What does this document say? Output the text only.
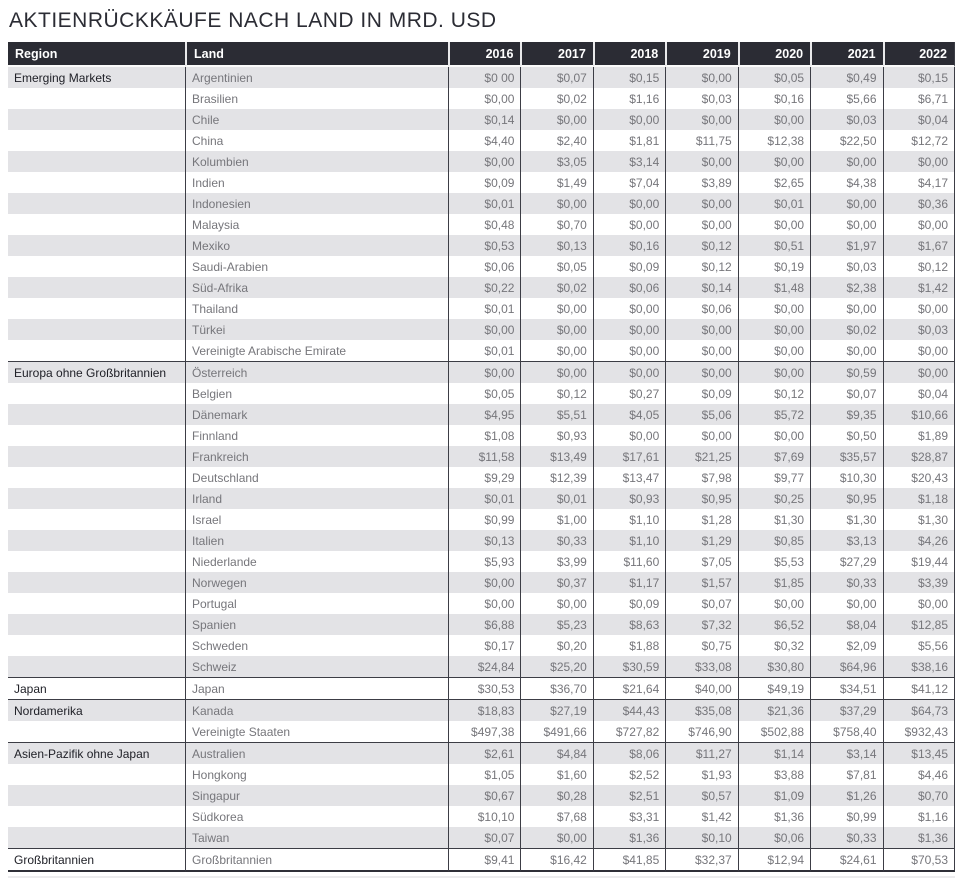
AKTIENRÜCKKÄUFE NACH LAND IN MRD. USD
Region	Land	2016	2017	2018	2019	2020	2021	2022
Emerging Markets	Argentinien	$0 00	$0,07	$0,15	$0,00	$0,05	$0,49	$0,15
	Brasilien	$0,00	$0,02	$1,16	$0,03	$0,16	$5,66	$6,71
	Chile	$0,14	$0,00	$0,00	$0,00	$0,00	$0,03	$0,04
	China	$4,40	$2,40	$1,81	$11,75	$12,38	$22,50	$12,72
	Kolumbien	$0,00	$3,05	$3,14	$0,00	$0,00	$0,00	$0,00
	Indien	$0,09	$1,49	$7,04	$3,89	$2,65	$4,38	$4,17
	Indonesien	$0,01	$0,00	$0,00	$0,00	$0,01	$0,00	$0,36
	Malaysia	$0,48	$0,70	$0,00	$0,00	$0,00	$0,00	$0,00
	Mexiko	$0,53	$0,13	$0,16	$0,12	$0,51	$1,97	$1,67
	Saudi-Arabien	$0,06	$0,05	$0,09	$0,12	$0,19	$0,03	$0,12
	Süd-Afrika	$0,22	$0,02	$0,06	$0,14	$1,48	$2,38	$1,42
	Thailand	$0,01	$0,00	$0,00	$0,06	$0,00	$0,00	$0,00
	Türkei	$0,00	$0,00	$0,00	$0,00	$0,00	$0,02	$0,03
	Vereinigte Arabische Emirate	$0,01	$0,00	$0,00	$0,00	$0,00	$0,00	$0,00
Europa ohne Großbritannien	Österreich	$0,00	$0,00	$0,00	$0,00	$0,00	$0,59	$0,00
	Belgien	$0,05	$0,12	$0,27	$0,09	$0,12	$0,07	$0,04
	Dänemark	$4,95	$5,51	$4,05	$5,06	$5,72	$9,35	$10,66
	Finnland	$1,08	$0,93	$0,00	$0,00	$0,00	$0,50	$1,89
	Frankreich	$11,58	$13,49	$17,61	$21,25	$7,69	$35,57	$28,87
	Deutschland	$9,29	$12,39	$13,47	$7,98	$9,77	$10,30	$20,43
	Irland	$0,01	$0,01	$0,93	$0,95	$0,25	$0,95	$1,18
	Israel	$0,99	$1,00	$1,10	$1,28	$1,30	$1,30	$1,30
	Italien	$0,13	$0,33	$1,10	$1,29	$0,85	$3,13	$4,26
	Niederlande	$5,93	$3,99	$11,60	$7,05	$5,53	$27,29	$19,44
	Norwegen	$0,00	$0,37	$1,17	$1,57	$1,85	$0,33	$3,39
	Portugal	$0,00	$0,00	$0,09	$0,07	$0,00	$0,00	$0,00
	Spanien	$6,88	$5,23	$8,63	$7,32	$6,52	$8,04	$12,85
	Schweden	$0,17	$0,20	$1,88	$0,75	$0,32	$2,09	$5,56
	Schweiz	$24,84	$25,20	$30,59	$33,08	$30,80	$64,96	$38,16
Japan	Japan	$30,53	$36,70	$21,64	$40,00	$49,19	$34,51	$41,12
Nordamerika	Kanada	$18,83	$27,19	$44,43	$35,08	$21,36	$37,29	$64,73
	Vereinigte Staaten	$497,38	$491,66	$727,82	$746,90	$502,88	$758,40	$932,43
Asien-Pazifik ohne Japan	Australien	$2,61	$4,84	$8,06	$11,27	$1,14	$3,14	$13,45
	Hongkong	$1,05	$1,60	$2,52	$1,93	$3,88	$7,81	$4,46
	Singapur	$0,67	$0,28	$2,51	$0,57	$1,09	$1,26	$0,70
	Südkorea	$10,10	$7,68	$3,31	$1,42	$1,36	$0,99	$1,16
	Taiwan	$0,07	$0,00	$1,36	$0,10	$0,06	$0,33	$1,36
Großbritannien	Großbritannien	$9,41	$16,42	$41,85	$32,37	$12,94	$24,61	$70,53
